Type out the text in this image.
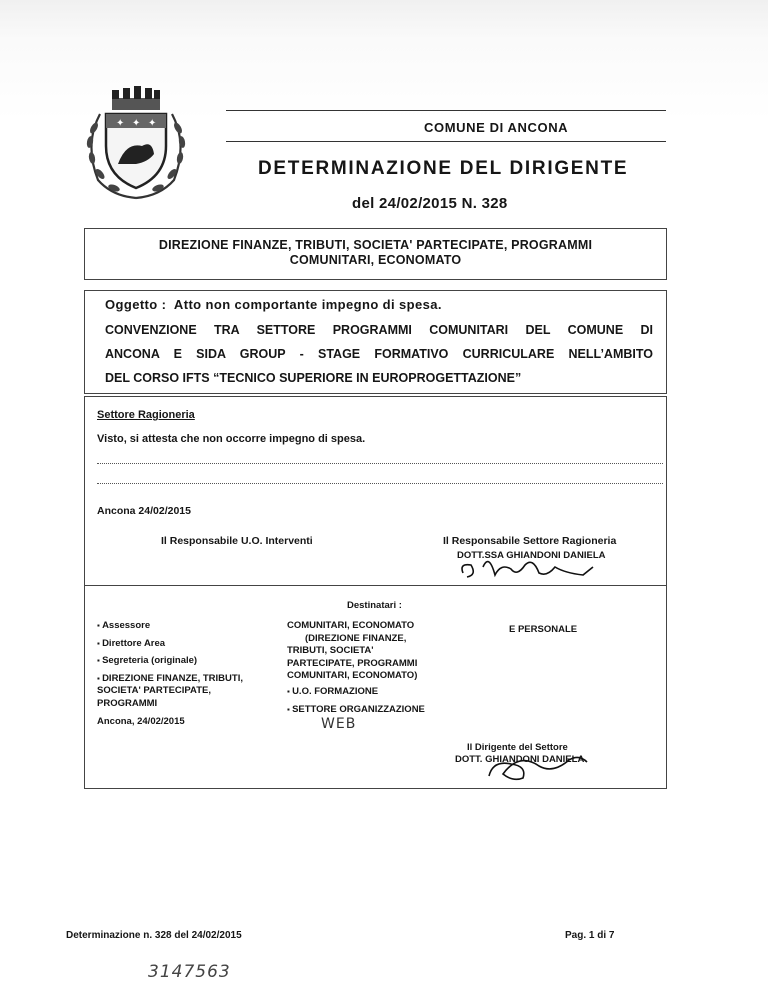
✦ ✦ ✦	COMUNE DI ANCONA
DETERMINAZIONE DEL DIRIGENTE
del 24/02/2015 N. 328
DIREZIONE FINANZE, TRIBUTI, SOCIETA' PARTECIPATE, PROGRAMMI
COMUNITARI, ECONOMATO
Oggetto : Atto non comportante impegno di spesa.
CONVENZIONE TRA SETTORE PROGRAMMI COMUNITARI DEL COMUNE DI
ANCONA E SIDA GROUP - STAGE FORMATIVO CURRICULARE NELL’AMBITO
DEL CORSO IFTS “TECNICO SUPERIORE IN EUROPROGETTAZIONE”
Settore Ragioneria
Visto, si attesta che non occorre impegno di spesa.
Ancona 24/02/2015
Il Responsabile U.O. Interventi	Il Responsabile Settore Ragioneria
DOTT.SSA GHIANDONI DANIELA
Destinatari :
▪ Assessore
▪ Direttore Area
▪ Segreteria (originale)
▪ DIREZIONE FINANZE, TRIBUTI, SOCIETA' PARTECIPATE, PROGRAMMI
COMUNITARI, ECONOMATO
(DIREZIONE FINANZE,
TRIBUTI, SOCIETA'
PARTECIPATE, PROGRAMMI
COMUNITARI, ECONOMATO)
▪ U.O. FORMAZIONE
▪ SETTORE ORGANIZZAZIONE
E PERSONALE
Ancona, 24/02/2015	WEB
Il Dirigente del Settore
DOTT. GHIANDONI DANIELA
Determinazione n. 328 del 24/02/2015	Pag. 1 di 7
3147563
